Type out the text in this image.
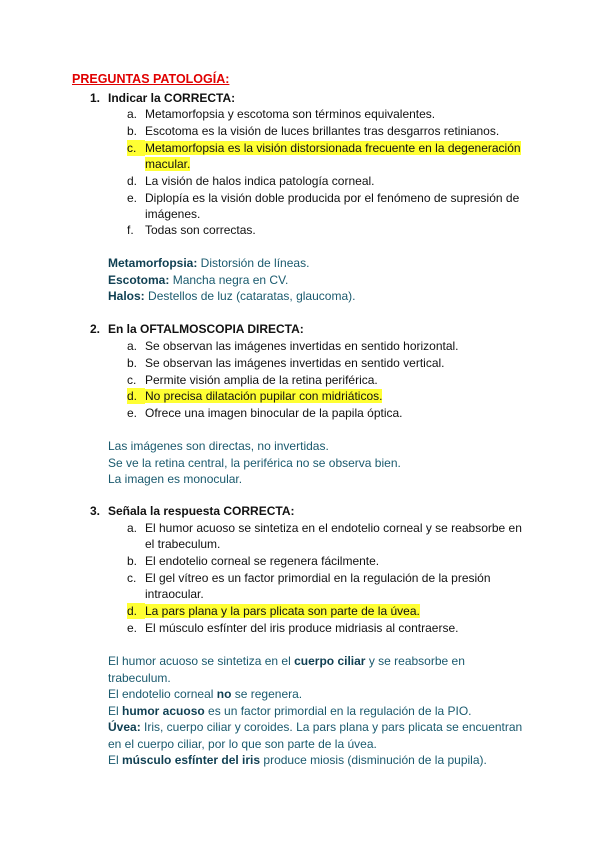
PREGUNTAS PATOLOGÍA:
1. Indicar la CORRECTA:
a. Metamorfopsia y escotoma son términos equivalentes.
b. Escotoma es la visión de luces brillantes tras desgarros retinianos.
c. Metamorfopsia es la visión distorsionada frecuente en la degeneración
macular.
d. La visión de halos indica patología corneal.
e. Diplopía es la visión doble producida por el fenómeno de supresión de
imágenes.
f. Todas son correctas.
Metamorfopsia: Distorsión de líneas.
Escotoma: Mancha negra en CV.
Halos: Destellos de luz (cataratas, glaucoma).
2. En la OFTALMOSCOPIA DIRECTA:
a. Se observan las imágenes invertidas en sentido horizontal.
b. Se observan las imágenes invertidas en sentido vertical.
c. Permite visión amplia de la retina periférica.
d. No precisa dilatación pupilar con midriáticos.
e. Ofrece una imagen binocular de la papila óptica.
Las imágenes son directas, no invertidas.
Se ve la retina central, la periférica no se observa bien.
La imagen es monocular.
3. Señala la respuesta CORRECTA:
a. El humor acuoso se sintetiza en el endotelio corneal y se reabsorbe en
el trabeculum.
b. El endotelio corneal se regenera fácilmente.
c. El gel vítreo es un factor primordial en la regulación de la presión
intraocular.
d. La pars plana y la pars plicata son parte de la úvea.
e. El músculo esfínter del iris produce midriasis al contraerse.
El humor acuoso se sintetiza en el cuerpo ciliar y se reabsorbe en
trabeculum.
El endotelio corneal no se regenera.
El humor acuoso es un factor primordial en la regulación de la PIO.
Úvea: Iris, cuerpo ciliar y coroides. La pars plana y pars plicata se encuentran
en el cuerpo ciliar, por lo que son parte de la úvea.
El músculo esfínter del iris produce miosis (disminución de la pupila).
